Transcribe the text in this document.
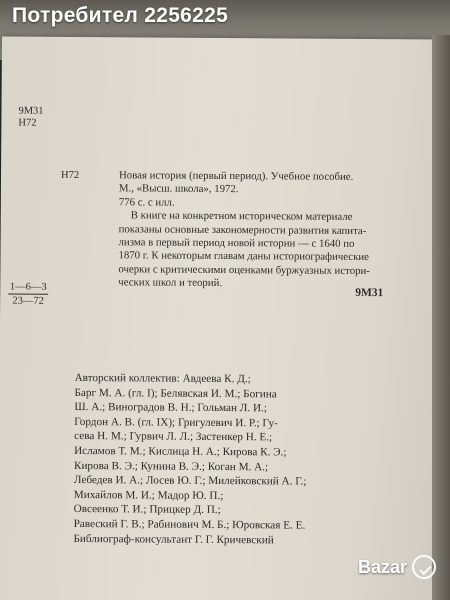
9М31
Н72
Н72	Новая история (первый период). Учебное пособие.
М., «Высш. школа», 1972.
776 с. с илл.
В книге на конкретном историческом материале
показаны основные закономерности развития капита-
лизма в первый период новой истории — с 1640 по
1870 г. К некоторым главам даны историографические
очерки с критическими оценками буржуазных истори-
ческих школ и теорий.
1—6—3
23—72
9М31
Авторский коллектив: Авдеева К. Д.;
Барг М. А. (гл. I); Белявская И. М.; Богина
Ш. А.; Виноградов В. Н.; Гольман Л. И.;
Гордон А. В. (гл. IX); Григулевич И. Р.; Гу-
сева Н. М.; Гурвич Л. Л.; Застенкер Н. Е.;
Исламов Т. М.; Кислица Н. А.; Кирова К. Э.;
Кирова В. Э.; Кунина В. Э.; Коган М. А.;
Лебедев И. А.; Лосев Ю. Г.; Милейковский А. Г.;
Михайлов М. И.; Мадор Ю. П.;
Овсеенко Т. И.; Прицкер Д. П.;
Равеский Г. В.; Рабинович М. Б.; Юровская Е. Е.
Библиограф-консультант Г. Г. Кричевский
Потребител 2256225
Bazar
